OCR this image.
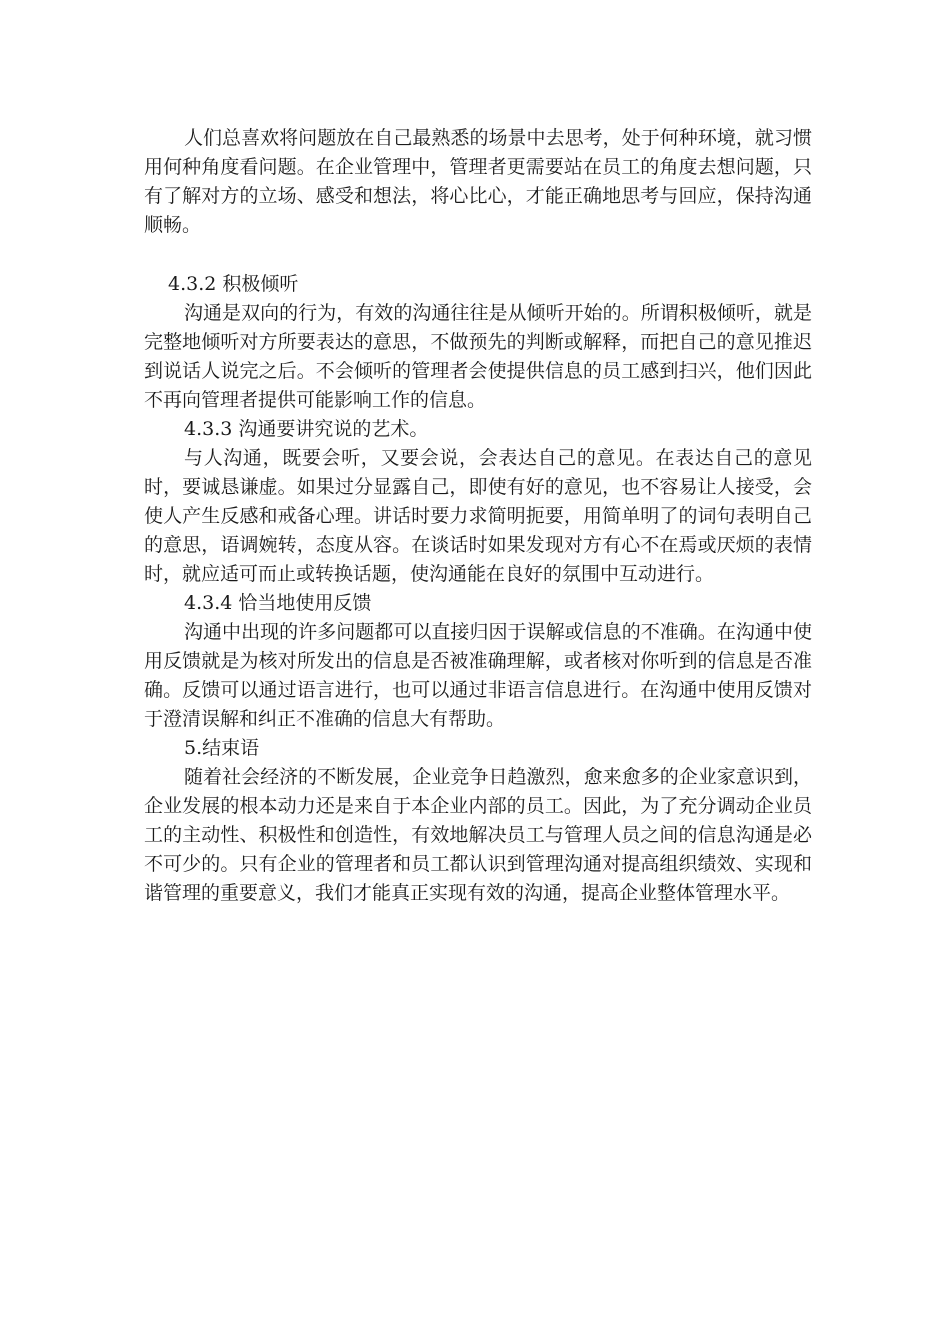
人们总喜欢将问题放在自己最熟悉的场景中去思考，处于何种环境，就习惯用何种角度看问题。在企业管理中，管理者更需要站在员工的角度去想问题，只有了解对方的立场、感受和想法，将心比心，才能正确地思考与回应，保持沟通顺畅。

4.3.2 积极倾听

沟通是双向的行为，有效的沟通往往是从倾听开始的。所谓积极倾听，就是完整地倾听对方所要表达的意思，不做预先的判断或解释，而把自己的意见推迟到说话人说完之后。不会倾听的管理者会使提供信息的员工感到扫兴，他们因此不再向管理者提供可能影响工作的信息。

4.3.3 沟通要讲究说的艺术。

与人沟通，既要会听，又要会说，会表达自己的意见。在表达自己的意见时，要诚恳谦虚。如果过分显露自己，即使有好的意见，也不容易让人接受，会使人产生反感和戒备心理。讲话时要力求简明扼要，用简单明了的词句表明自己的意思，语调婉转，态度从容。在谈话时如果发现对方有心不在焉或厌烦的表情时，就应适可而止或转换话题，使沟通能在良好的氛围中互动进行。

4.3.4 恰当地使用反馈

沟通中出现的许多问题都可以直接归因于误解或信息的不准确。在沟通中使用反馈就是为核对所发出的信息是否被准确理解，或者核对你听到的信息是否准确。反馈可以通过语言进行，也可以通过非语言信息进行。在沟通中使用反馈对于澄清误解和纠正不准确的信息大有帮助。

5.结束语

随着社会经济的不断发展，企业竞争日趋激烈，愈来愈多的企业家意识到，企业发展的根本动力还是来自于本企业内部的员工。因此，为了充分调动企业员工的主动性、积极性和创造性，有效地解决员工与管理人员之间的信息沟通是必不可少的。只有企业的管理者和员工都认识到管理沟通对提高组织绩效、实现和谐管理的重要意义，我们才能真正实现有效的沟通，提高企业整体管理水平。
